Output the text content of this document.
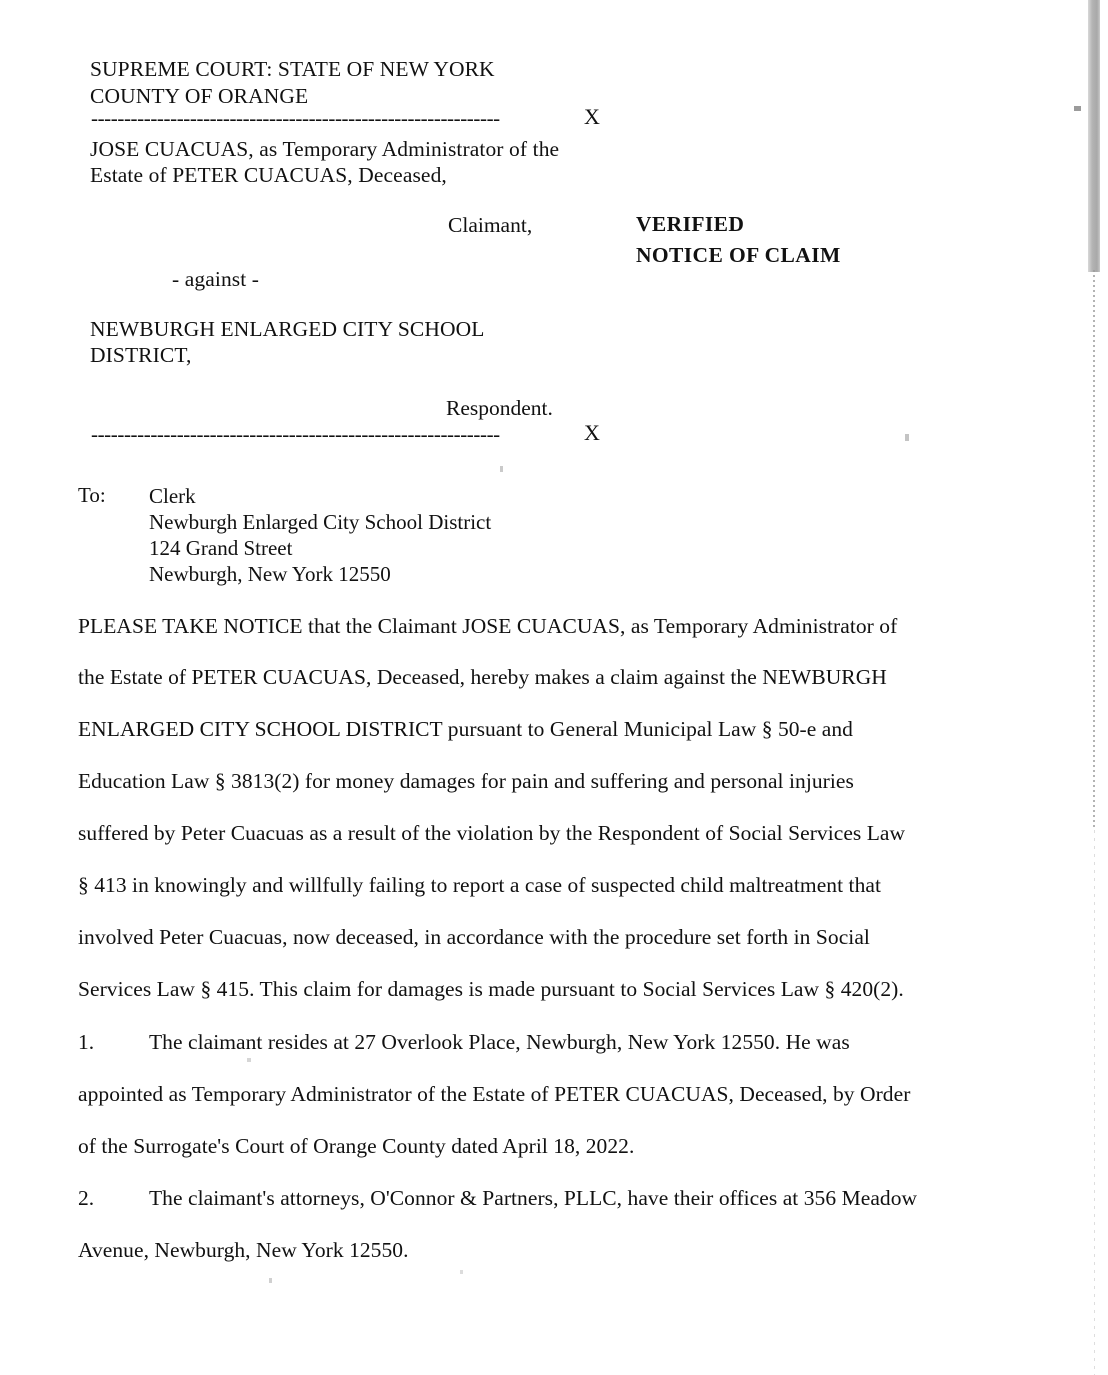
SUPREME COURT: STATE OF NEW YORK
COUNTY OF ORANGE
--------------------------------------------------------------	X
JOSE CUACUAS, as Temporary Administrator of the
Estate of PETER CUACUAS, Deceased,
Claimant,	VERIFIED
NOTICE OF CLAIM
- against -
NEWBURGH ENLARGED CITY SCHOOL
DISTRICT,
Respondent.
--------------------------------------------------------------	X
To: Clerk
Newburgh Enlarged City School District
124 Grand Street
Newburgh, New York 12550
PLEASE TAKE NOTICE that the Claimant JOSE CUACUAS, as Temporary Administrator of
the Estate of PETER CUACUAS, Deceased, hereby makes a claim against the NEWBURGH
ENLARGED CITY SCHOOL DISTRICT pursuant to General Municipal Law § 50-e and
Education Law § 3813(2) for money damages for pain and suffering and personal injuries
suffered by Peter Cuacuas as a result of the violation by the Respondent of Social Services Law
§ 413 in knowingly and willfully failing to report a case of suspected child maltreatment that
involved Peter Cuacuas, now deceased, in accordance with the procedure set forth in Social
Services Law § 415. This claim for damages is made pursuant to Social Services Law § 420(2).
1.	The claimant resides at 27 Overlook Place, Newburgh, New York 12550. He was
appointed as Temporary Administrator of the Estate of PETER CUACUAS, Deceased, by Order
of the Surrogate's Court of Orange County dated April 18, 2022.
2.	The claimant's attorneys, O'Connor & Partners, PLLC, have their offices at 356 Meadow
Avenue, Newburgh, New York 12550.
